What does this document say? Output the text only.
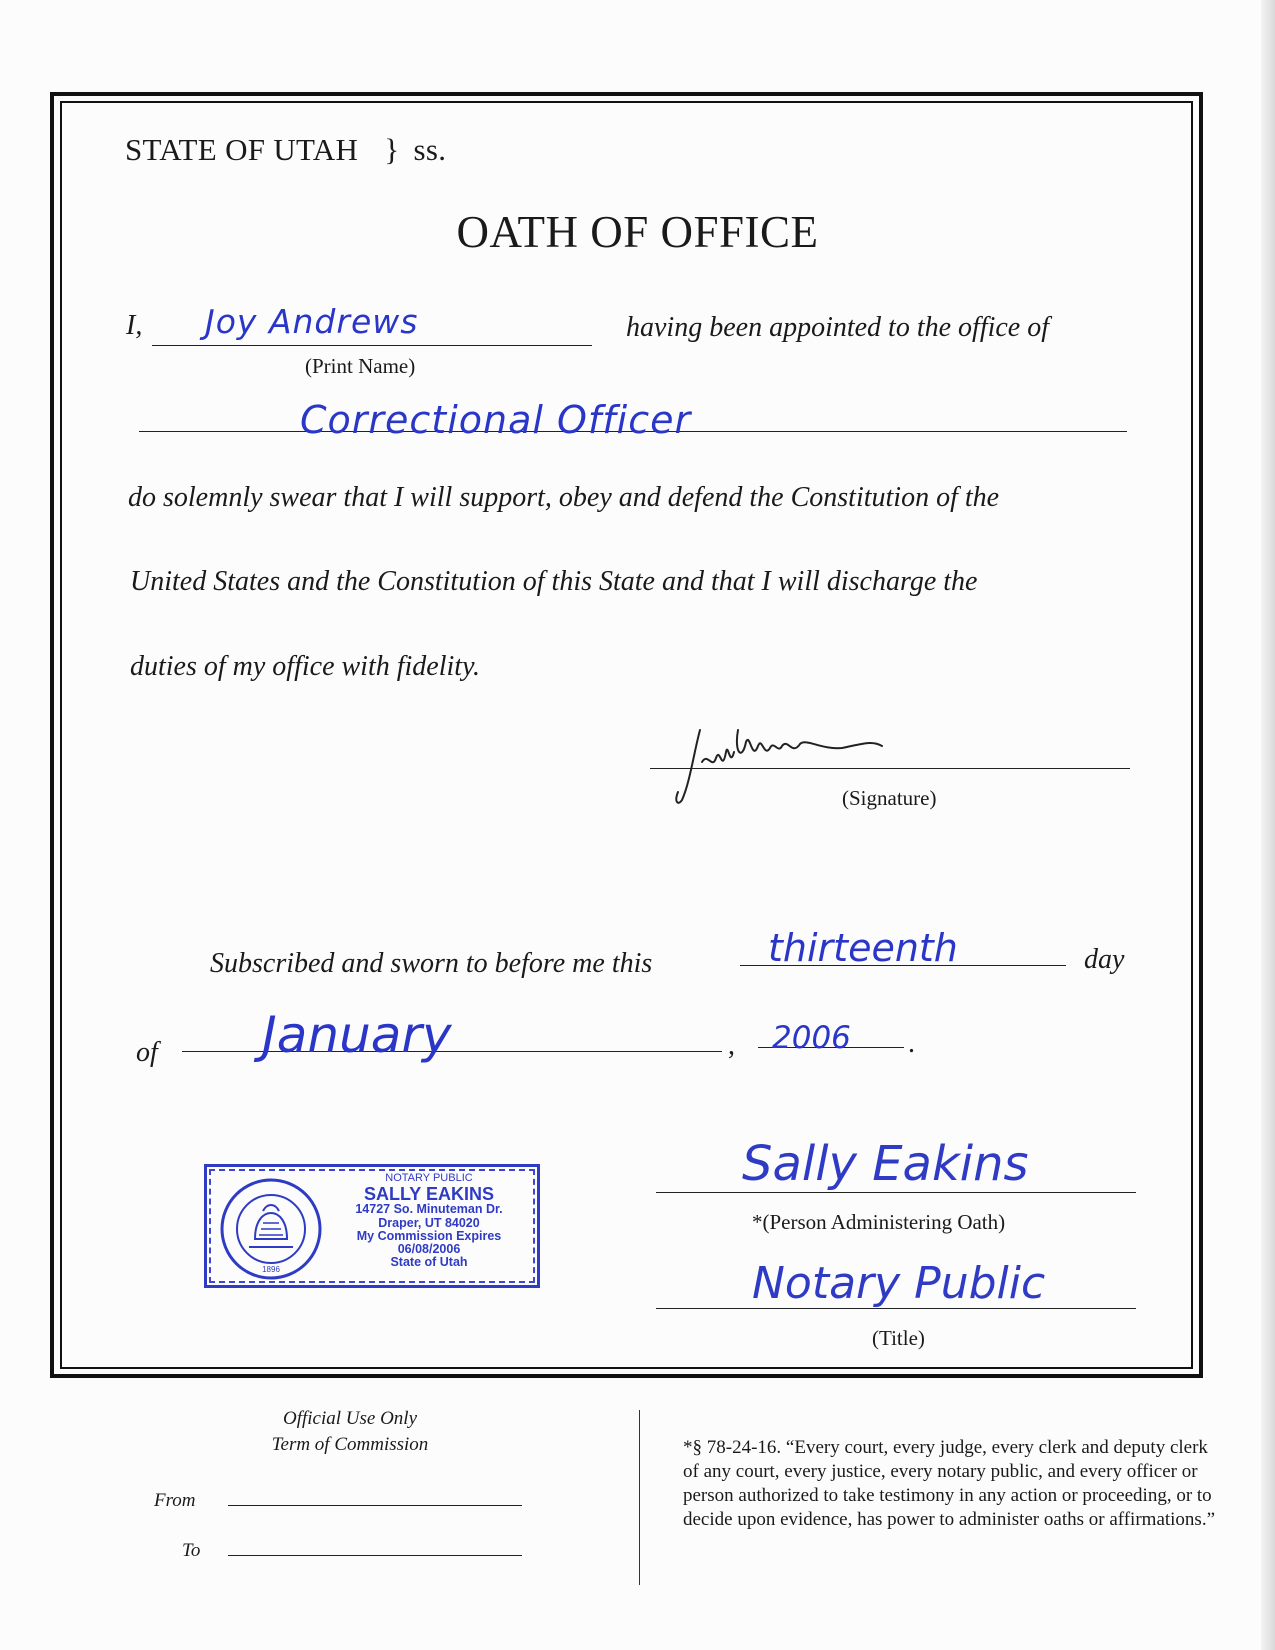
STATE OF UTAH } ss.
OATH OF OFFICE
I, Joy Andrews
(Print Name)
having been appointed to the office of
Correctional Officer
do solemnly swear that I will support, obey and defend the Constitution of the
United States and the Constitution of this State and that I will discharge the
duties of my office with fidelity.
(Signature)
Subscribed and sworn to before me this	thirteenth	day
of January	, 2006 .
1896
NOTARY PUBLIC
SALLY EAKINS
14727 So. Minuteman Dr.
Draper, UT 84020
My Commission Expires 06/08/2006
State of Utah
Sally Eakins
*(Person Administering Oath)
Notary Public
(Title)
Official Use Only
Term of Commission
From
To
*§ 78-24-16. “Every court, every judge, every clerk and deputy clerk of any court, every justice, every notary public, and every officer or person authorized to take testimony in any action or proceeding, or to decide upon evidence, has power to administer oaths or affirmations.”
